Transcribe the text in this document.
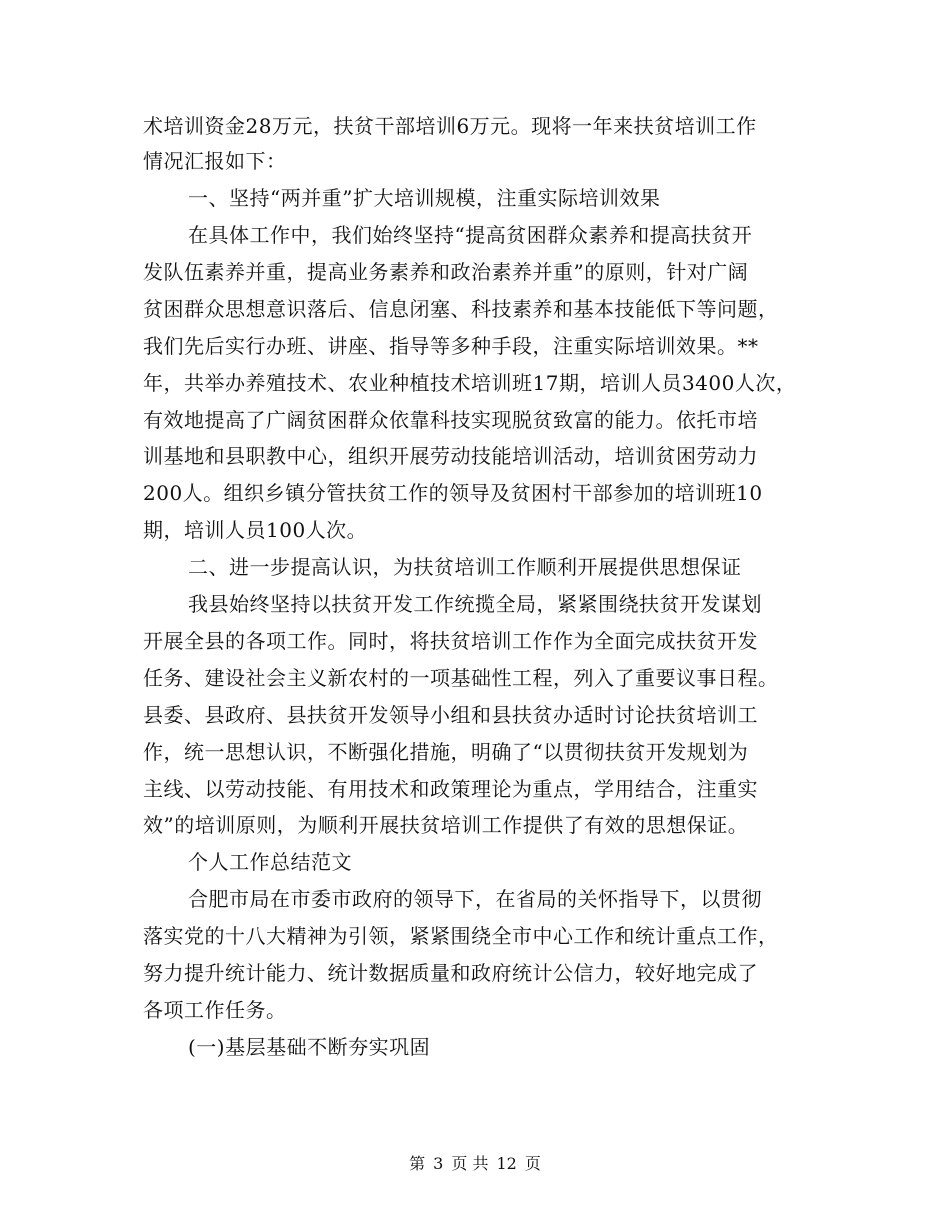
术培训资金28万元，扶贫干部培训6万元。现将一年来扶贫培训工作
情况汇报如下：
一、坚持“两并重”扩大培训规模，注重实际培训效果
在具体工作中，我们始终坚持“提高贫困群众素养和提高扶贫开
发队伍素养并重，提高业务素养和政治素养并重”的原则，针对广阔
贫困群众思想意识落后、信息闭塞、科技素养和基本技能低下等问题，
我们先后实行办班、讲座、指导等多种手段，注重实际培训效果。**
年，共举办养殖技术、农业种植技术培训班17期，培训人员3400人次，
有效地提高了广阔贫困群众依靠科技实现脱贫致富的能力。依托市培
训基地和县职教中心，组织开展劳动技能培训活动，培训贫困劳动力
200人。组织乡镇分管扶贫工作的领导及贫困村干部参加的培训班10
期，培训人员100人次。
二、进一步提高认识，为扶贫培训工作顺利开展提供思想保证
我县始终坚持以扶贫开发工作统揽全局，紧紧围绕扶贫开发谋划
开展全县的各项工作。同时，将扶贫培训工作作为全面完成扶贫开发
任务、建设社会主义新农村的一项基础性工程，列入了重要议事日程。
县委、县政府、县扶贫开发领导小组和县扶贫办适时讨论扶贫培训工
作，统一思想认识，不断强化措施，明确了“以贯彻扶贫开发规划为
主线、以劳动技能、有用技术和政策理论为重点，学用结合，注重实
效”的培训原则，为顺利开展扶贫培训工作提供了有效的思想保证。
个人工作总结范文
合肥市局在市委市政府的领导下，在省局的关怀指导下，以贯彻
落实党的十八大精神为引领，紧紧围绕全市中心工作和统计重点工作，
努力提升统计能力、统计数据质量和政府统计公信力，较好地完成了
各项工作任务。
(一)基层基础不断夯实巩固
第 3 页 共 12 页
